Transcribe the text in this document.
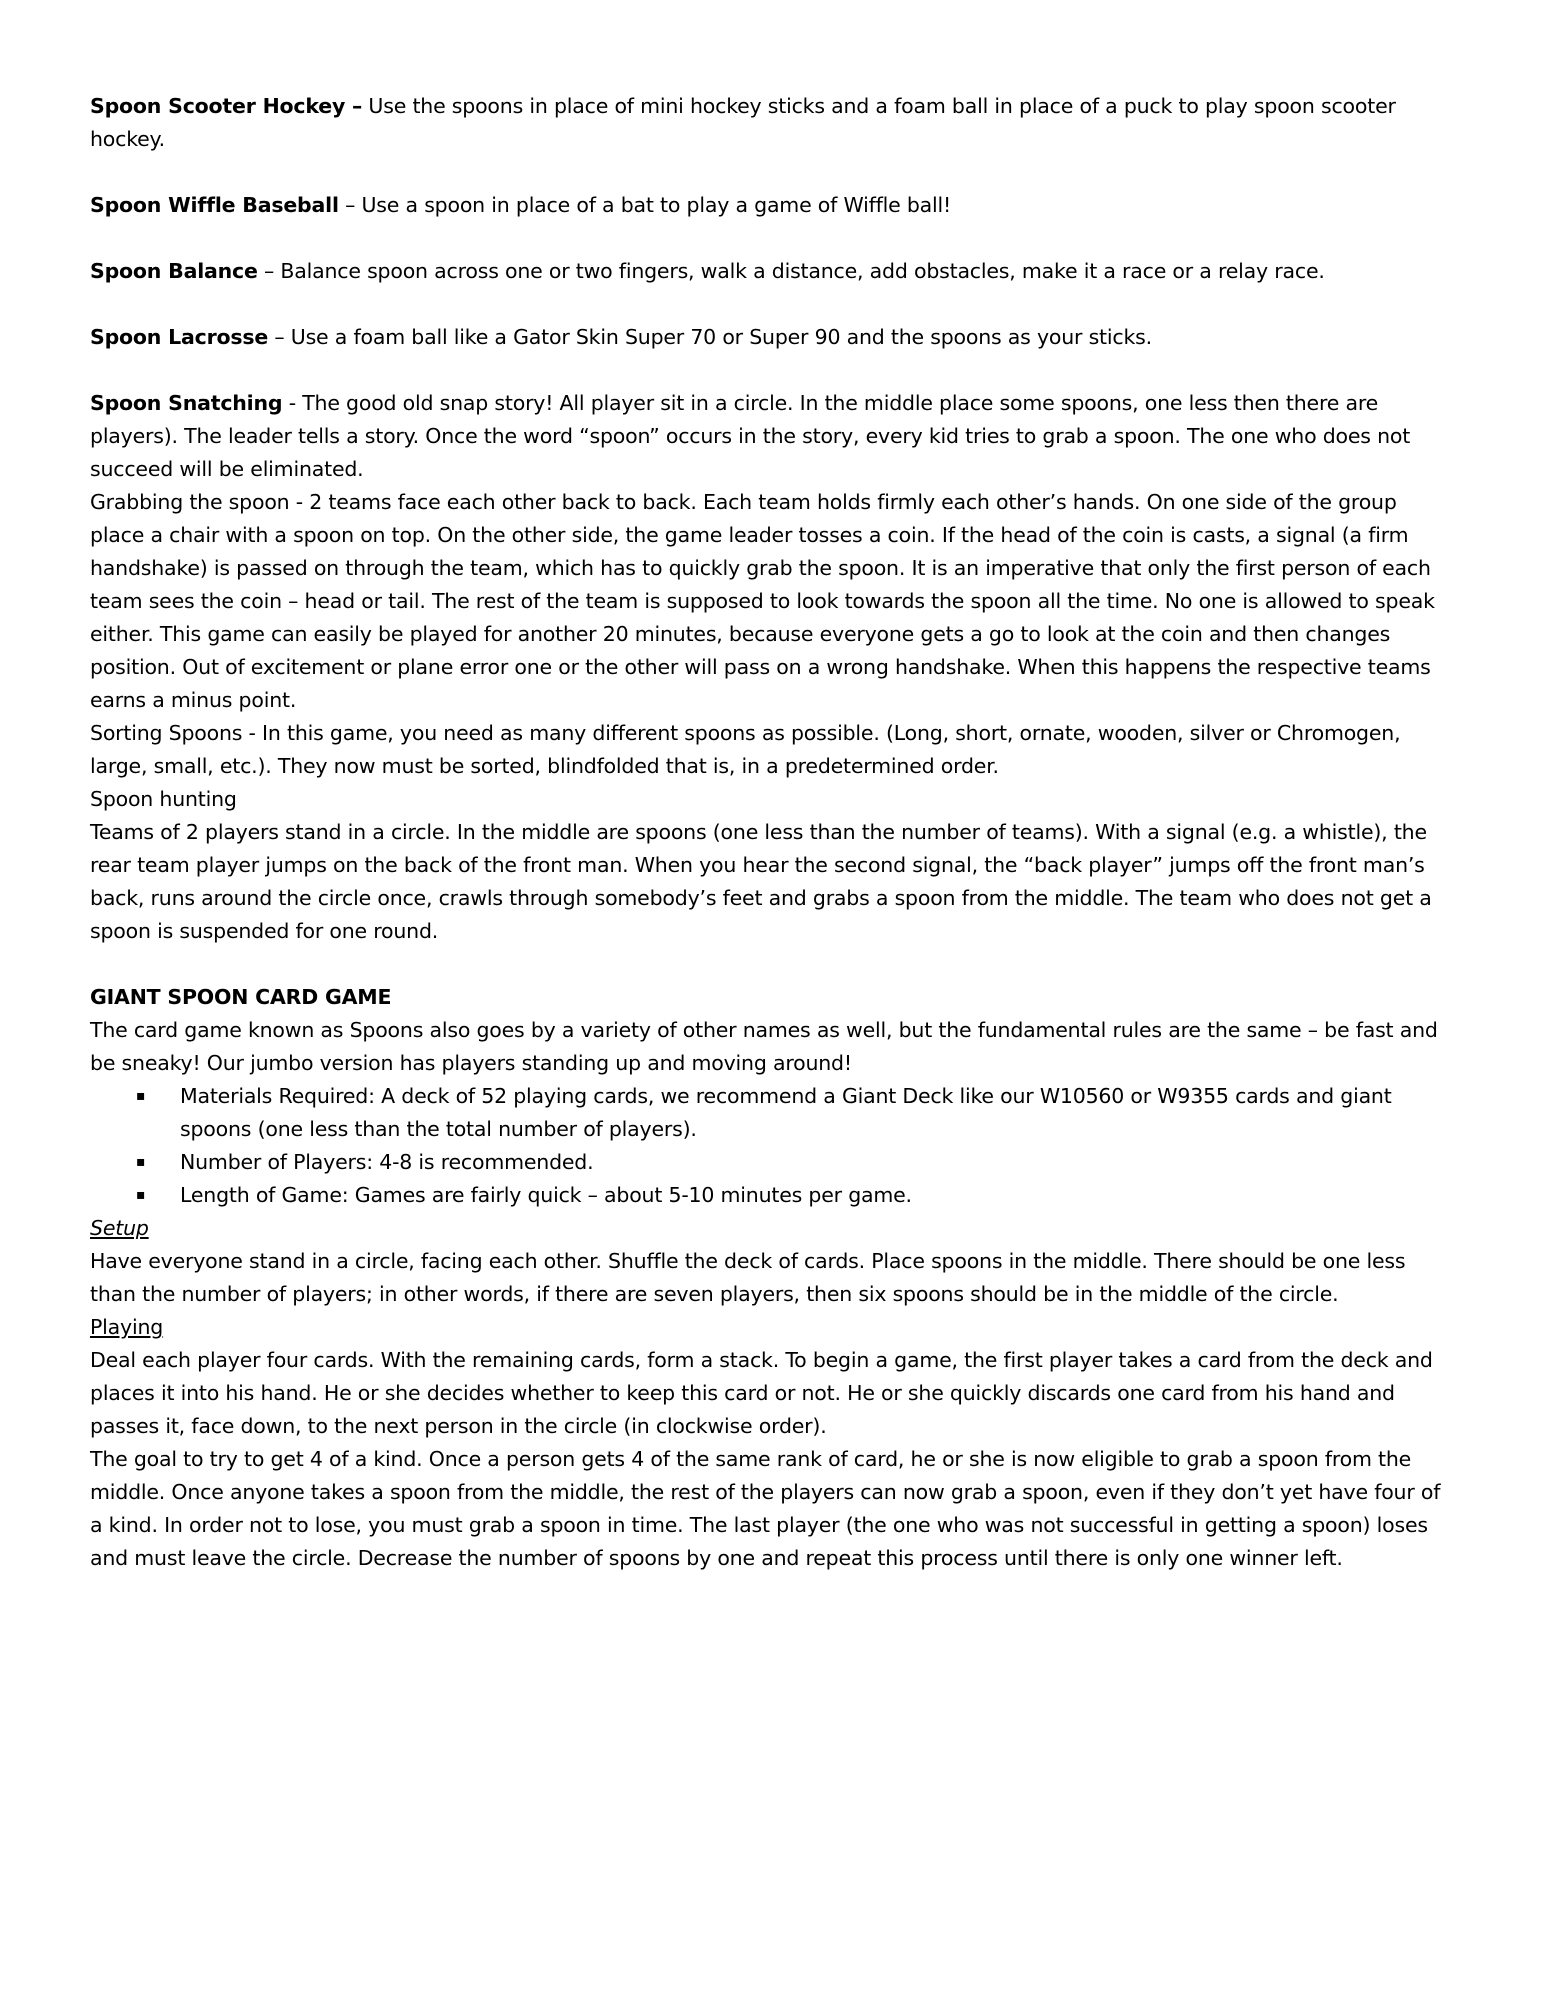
Spoon Scooter Hockey – Use the spoons in place of mini hockey sticks and a foam ball in place of a puck to play spoon scooter hockey.

Spoon Wiffle Baseball – Use a spoon in place of a bat to play a game of Wiffle ball!

Spoon Balance – Balance spoon across one or two fingers, walk a distance, add obstacles, make it a race or a relay race.

Spoon Lacrosse – Use a foam ball like a Gator Skin Super 70 or Super 90 and the spoons as your sticks.

Spoon Snatching - The good old snap story! All player sit in a circle. In the middle place some spoons, one less then there are players). The leader tells a story. Once the word “spoon” occurs in the story, every kid tries to grab a spoon. The one who does not succeed will be eliminated.

Grabbing the spoon - 2 teams face each other back to back. Each team holds firmly each other’s hands. On one side of the group place a chair with a spoon on top. On the other side, the game leader tosses a coin. If the head of the coin is casts, a signal (a firm handshake) is passed on through the team, which has to quickly grab the spoon. It is an imperative that only the first person of each team sees the coin – head or tail. The rest of the team is supposed to look towards the spoon all the time. No one is allowed to speak either. This game can easily be played for another 20 minutes, because everyone gets a go to look at the coin and then changes position. Out of excitement or plane error one or the other will pass on a wrong handshake. When this happens the respective teams earns a minus point.

Sorting Spoons - In this game, you need as many different spoons as possible. (Long, short, ornate, wooden, silver or Chromogen, large, small, etc.). They now must be sorted, blindfolded that is, in a predetermined order.

Spoon hunting

Teams of 2 players stand in a circle. In the middle are spoons (one less than the number of teams). With a signal (e.g. a whistle), the rear team player jumps on the back of the front man. When you hear the second signal, the “back player” jumps off the front man’s back, runs around the circle once, crawls through somebody’s feet and grabs a spoon from the middle. The team who does not get a spoon is suspended for one round.

GIANT SPOON CARD GAME

The card game known as Spoons also goes by a variety of other names as well, but the fundamental rules are the same – be fast and be sneaky! Our jumbo version has players standing up and moving around!

▪ Materials Required: A deck of 52 playing cards, we recommend a Giant Deck like our W10560 or W9355 cards and giant spoons (one less than the total number of players).
▪ Number of Players: 4-8 is recommended.
▪ Length of Game: Games are fairly quick – about 5-10 minutes per game.

Setup

Have everyone stand in a circle, facing each other. Shuffle the deck of cards. Place spoons in the middle. There should be one less than the number of players; in other words, if there are seven players, then six spoons should be in the middle of the circle.

Playing

Deal each player four cards. With the remaining cards, form a stack. To begin a game, the first player takes a card from the deck and places it into his hand. He or she decides whether to keep this card or not. He or she quickly discards one card from his hand and passes it, face down, to the next person in the circle (in clockwise order).

The goal to try to get 4 of a kind. Once a person gets 4 of the same rank of card, he or she is now eligible to grab a spoon from the middle. Once anyone takes a spoon from the middle, the rest of the players can now grab a spoon, even if they don’t yet have four of a kind. In order not to lose, you must grab a spoon in time. The last player (the one who was not successful in getting a spoon) loses and must leave the circle. Decrease the number of spoons by one and repeat this process until there is only one winner left.
